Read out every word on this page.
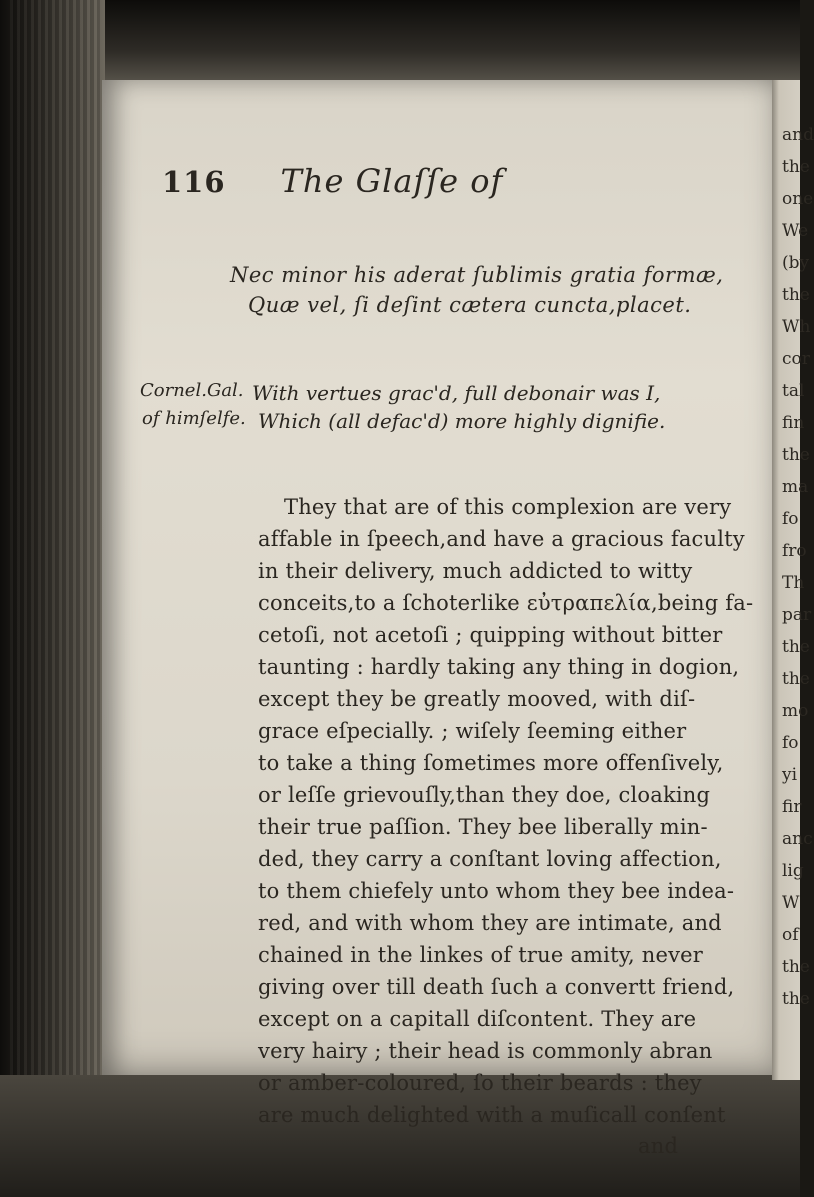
116 The Glaſſe of
Nec minor his aderat ſublimis gratia formæ,
Quæ vel, ſi deſint cætera cuncta,placet.
Cornel.Gal.
of himſelfe.
With vertues grac'd, full debonair was I,
Which (all defac'd) more highly dignifie.
They that are of this complexion are very
affable in ſpeech,and have a gracious faculty
in their delivery, much addicted to witty
conceits,to a ſchoterlike εὐτραπελία,being fa-
cetoſi, not acetoſi ; quipping without bitter
taunting : hardly taking any thing in dogion,
except they be greatly mooved, with diſ-
grace eſpecially. ; wiſely ſeeming either
to take a thing ſometimes more offenſively,
or leſſe grievouſly,than they doe, cloaking
their true paſſion. They bee liberally min-
ded, they carry a conſtant loving affection,
to them chiefely unto whom they bee indea-
red, and with whom they are intimate, and
chained in the linkes of true amity, never
giving over till death ſuch a convertt friend,
except on a capitall diſcontent. They are
very hairy ; their head is commonly abran
or amber-coloured, ſo their beards : they
are much delighted with a muſicall conſent
and
and
the
one
We
(by
the
Wh
cor
tal
fin
the
ma
fo
fro
Th
par
the
the
mo
fo
yi
fir
anc
lig
W
of
the
the
